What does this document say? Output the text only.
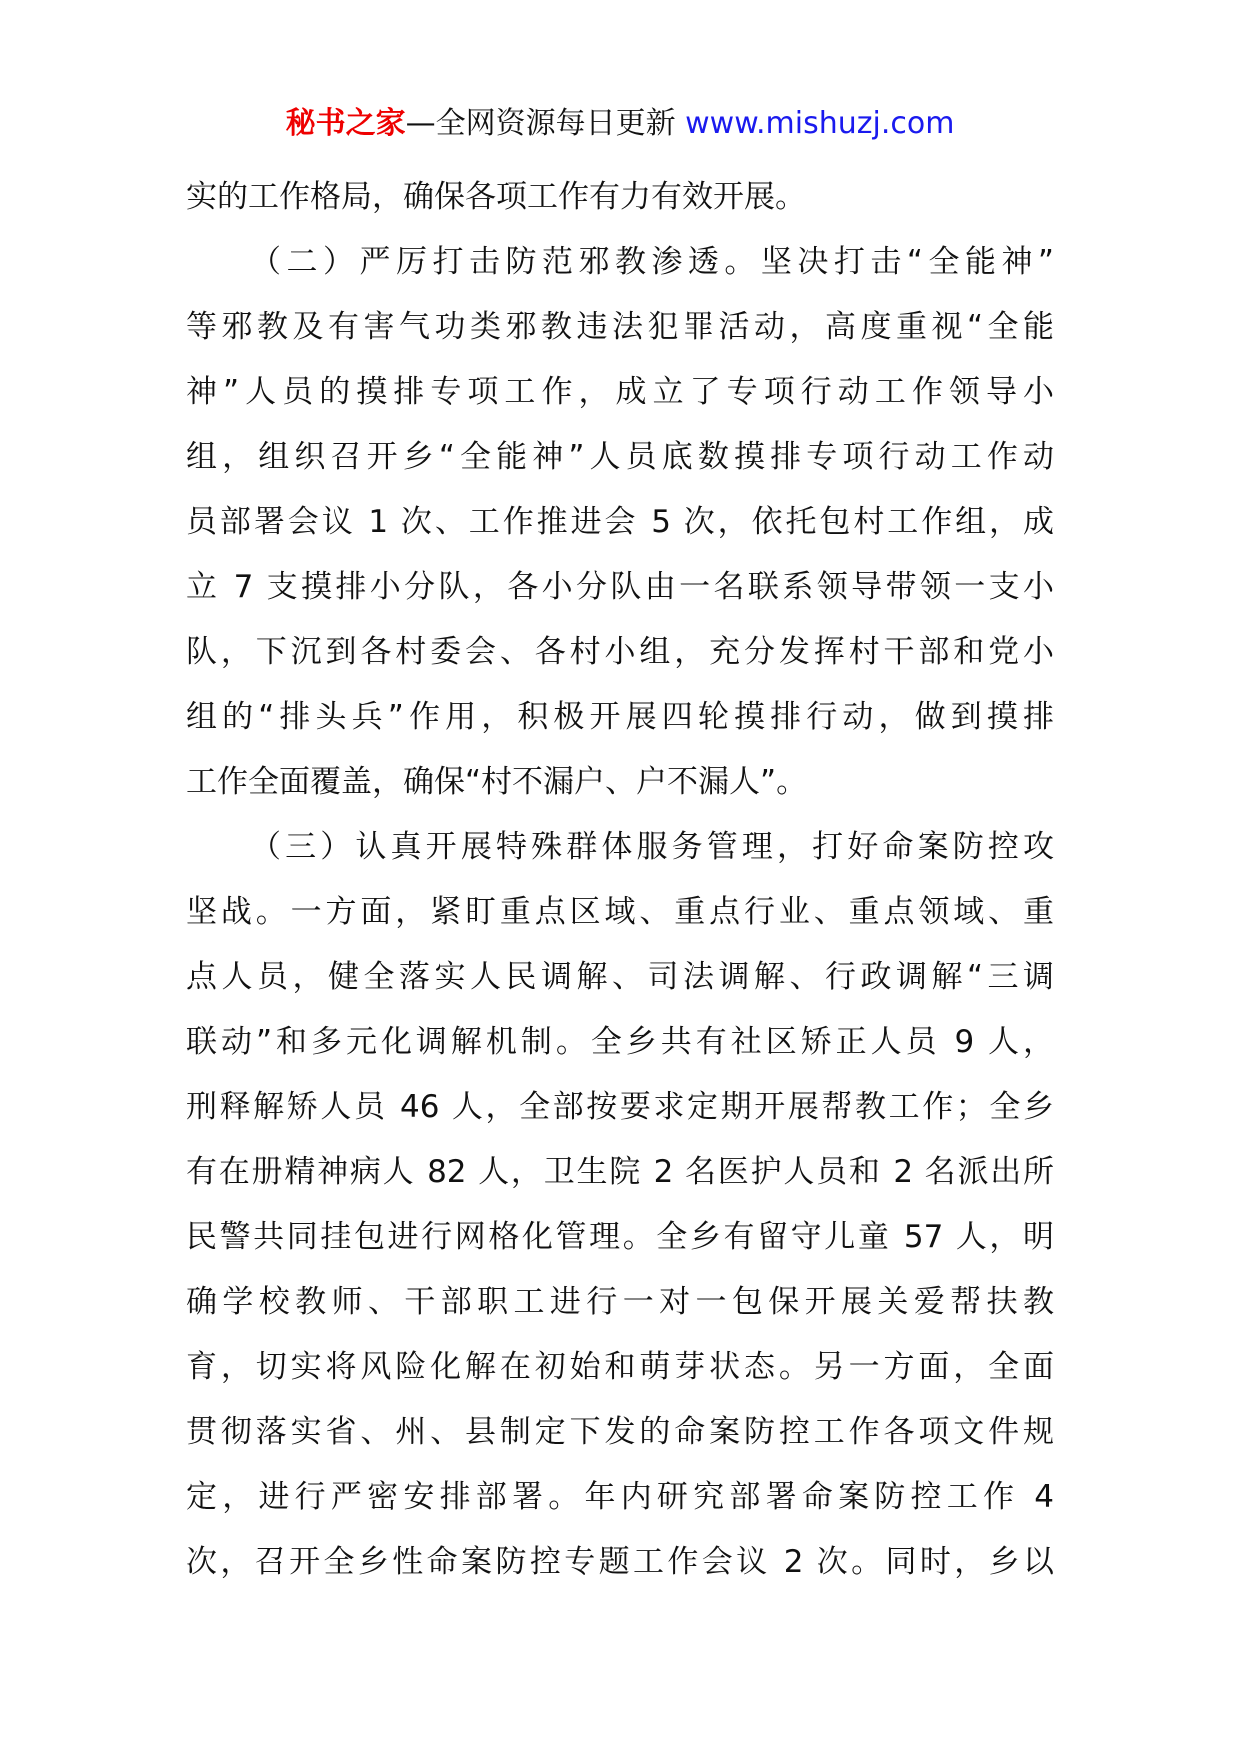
秘书之家—全网资源每日更新 www.mishuzj.com
实的工作格局，确保各项工作有力有效开展。
（二）严厉打击防范邪教渗透。坚决打击“全能神”
等邪教及有害气功类邪教违法犯罪活动，高度重视“全能
神”人员的摸排专项工作，成立了专项行动工作领导小
组，组织召开乡“全能神”人员底数摸排专项行动工作动
员部署会议 1 次、工作推进会 5 次，依托包村工作组，成
立 7 支摸排小分队，各小分队由一名联系领导带领一支小
队，下沉到各村委会、各村小组，充分发挥村干部和党小
组的“排头兵”作用，积极开展四轮摸排行动，做到摸排
工作全面覆盖，确保“村不漏户、户不漏人”。
（三）认真开展特殊群体服务管理，打好命案防控攻
坚战。一方面，紧盯重点区域、重点行业、重点领域、重
点人员，健全落实人民调解、司法调解、行政调解“三调
联动”和多元化调解机制。全乡共有社区矫正人员 9 人，
刑释解矫人员 46 人，全部按要求定期开展帮教工作；全乡
有在册精神病人 82 人，卫生院 2 名医护人员和 2 名派出所
民警共同挂包进行网格化管理。全乡有留守儿童 57 人，明
确学校教师、干部职工进行一对一包保开展关爱帮扶教
育，切实将风险化解在初始和萌芽状态。另一方面，全面
贯彻落实省、州、县制定下发的命案防控工作各项文件规
定，进行严密安排部署。年内研究部署命案防控工作 4
次，召开全乡性命案防控专题工作会议 2 次。同时，乡以
